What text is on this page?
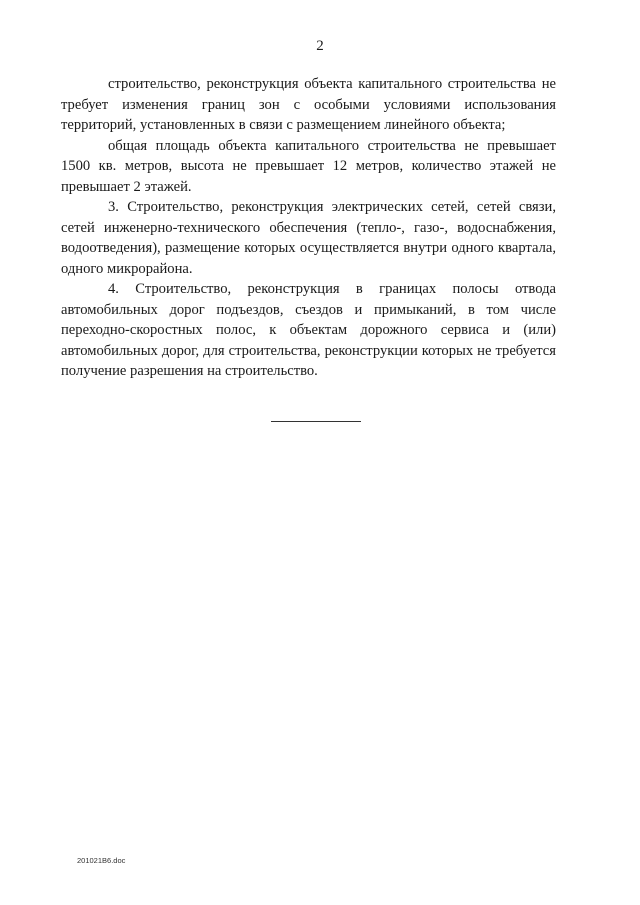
2

строительство, реконструкция объекта капитального строительства не требует изменения границ зон с особыми условиями использования территорий, установленных в связи с размещением линейного объекта;

общая площадь объекта капитального строительства не превышает 1500 кв. метров, высота не превышает 12 метров, количество этажей не превышает 2 этажей.

3. Строительство, реконструкция электрических сетей, сетей связи, сетей инженерно-технического обеспечения (тепло-, газо-, водоснабжения, водоотведения), размещение которых осуществляется внутри одного квартала, одного микрорайона.

4. Строительство, реконструкция в границах полосы отвода автомобильных дорог подъездов, съездов и примыканий, в том числе переходно-скоростных полос, к объектам дорожного сервиса и (или) автомобильных дорог, для строительства, реконструкции которых не требуется получение разрешения на строительство.

201021В6.doc
